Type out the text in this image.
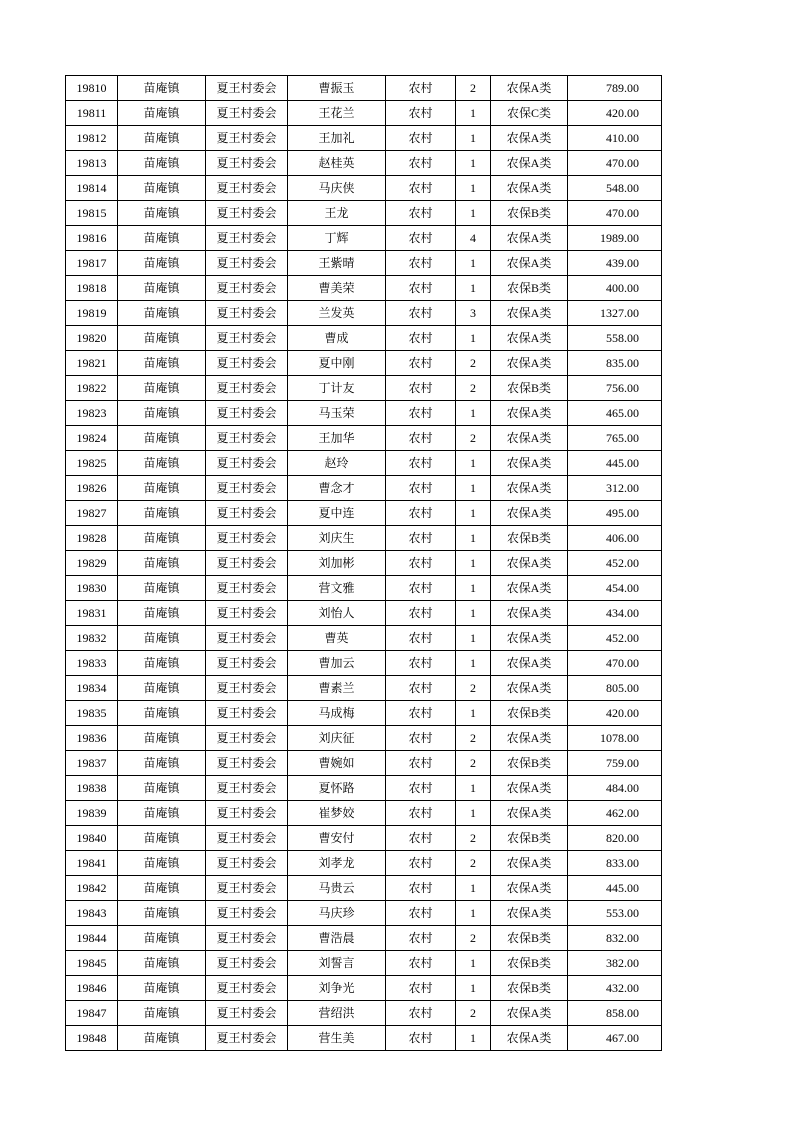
19810	苗庵镇	夏王村委会	曹振玉	农村	2	农保A类	789.00
19811	苗庵镇	夏王村委会	王花兰	农村	1	农保C类	420.00
19812	苗庵镇	夏王村委会	王加礼	农村	1	农保A类	410.00
19813	苗庵镇	夏王村委会	赵桂英	农村	1	农保A类	470.00
19814	苗庵镇	夏王村委会	马庆侠	农村	1	农保A类	548.00
19815	苗庵镇	夏王村委会	王龙	农村	1	农保B类	470.00
19816	苗庵镇	夏王村委会	丁辉	农村	4	农保A类	1989.00
19817	苗庵镇	夏王村委会	王紫晴	农村	1	农保A类	439.00
19818	苗庵镇	夏王村委会	曹美荣	农村	1	农保B类	400.00
19819	苗庵镇	夏王村委会	兰发英	农村	3	农保A类	1327.00
19820	苗庵镇	夏王村委会	曹成	农村	1	农保A类	558.00
19821	苗庵镇	夏王村委会	夏中刚	农村	2	农保A类	835.00
19822	苗庵镇	夏王村委会	丁计友	农村	2	农保B类	756.00
19823	苗庵镇	夏王村委会	马玉荣	农村	1	农保A类	465.00
19824	苗庵镇	夏王村委会	王加华	农村	2	农保A类	765.00
19825	苗庵镇	夏王村委会	赵玲	农村	1	农保A类	445.00
19826	苗庵镇	夏王村委会	曹念才	农村	1	农保A类	312.00
19827	苗庵镇	夏王村委会	夏中连	农村	1	农保A类	495.00
19828	苗庵镇	夏王村委会	刘庆生	农村	1	农保B类	406.00
19829	苗庵镇	夏王村委会	刘加彬	农村	1	农保A类	452.00
19830	苗庵镇	夏王村委会	营文雅	农村	1	农保A类	454.00
19831	苗庵镇	夏王村委会	刘怡人	农村	1	农保A类	434.00
19832	苗庵镇	夏王村委会	曹英	农村	1	农保A类	452.00
19833	苗庵镇	夏王村委会	曹加云	农村	1	农保A类	470.00
19834	苗庵镇	夏王村委会	曹素兰	农村	2	农保A类	805.00
19835	苗庵镇	夏王村委会	马成梅	农村	1	农保B类	420.00
19836	苗庵镇	夏王村委会	刘庆征	农村	2	农保A类	1078.00
19837	苗庵镇	夏王村委会	曹婉如	农村	2	农保B类	759.00
19838	苗庵镇	夏王村委会	夏怀路	农村	1	农保A类	484.00
19839	苗庵镇	夏王村委会	崔梦姣	农村	1	农保A类	462.00
19840	苗庵镇	夏王村委会	曹安付	农村	2	农保B类	820.00
19841	苗庵镇	夏王村委会	刘孝龙	农村	2	农保A类	833.00
19842	苗庵镇	夏王村委会	马贵云	农村	1	农保A类	445.00
19843	苗庵镇	夏王村委会	马庆珍	农村	1	农保A类	553.00
19844	苗庵镇	夏王村委会	曹浩晨	农村	2	农保B类	832.00
19845	苗庵镇	夏王村委会	刘誓言	农村	1	农保B类	382.00
19846	苗庵镇	夏王村委会	刘争光	农村	1	农保B类	432.00
19847	苗庵镇	夏王村委会	营绍洪	农村	2	农保A类	858.00
19848	苗庵镇	夏王村委会	营生美	农村	1	农保A类	467.00
